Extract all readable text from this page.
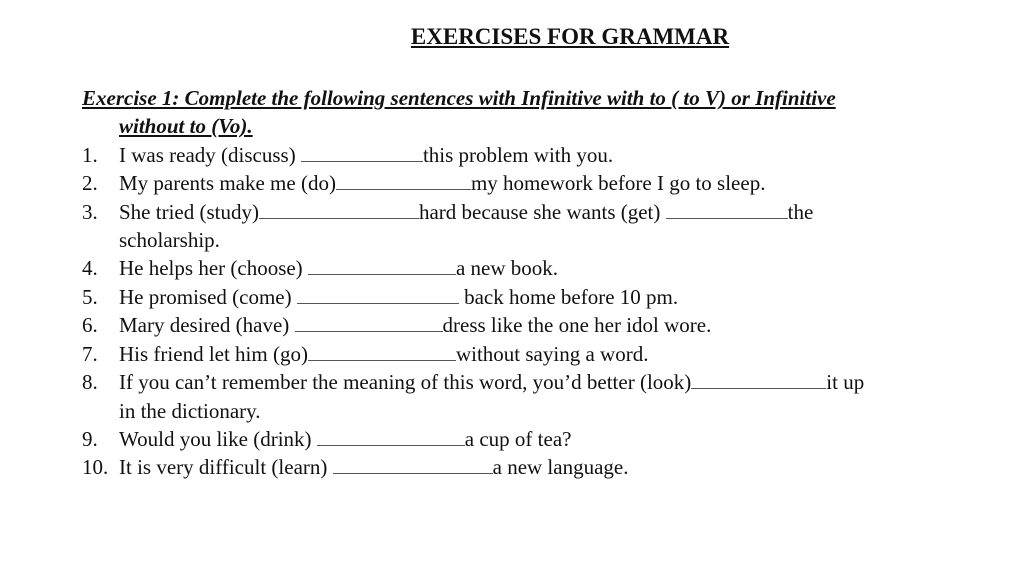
EXERCISES FOR GRAMMAR
Exercise 1: Complete the following sentences with Infinitive with to ( to V) or Infinitive
without to (Vo).
1. I was ready (discuss)	this problem with you.
2. My parents make me (do)	my homework before I go to sleep.
3. She tried (study)	hard because she wants (get)	the
scholarship.
4. He helps her (choose)	a new book.
5. He promised (come)	back home before 10 pm.
6. Mary desired (have)	dress like the one her idol wore.
7. His friend let him (go)	without saying a word.
8. If you can’t remember the meaning of this word, you’d better (look)	it up
in the dictionary.
9. Would you like (drink)	a cup of tea?
10. It is very difficult (learn)	a new language.
